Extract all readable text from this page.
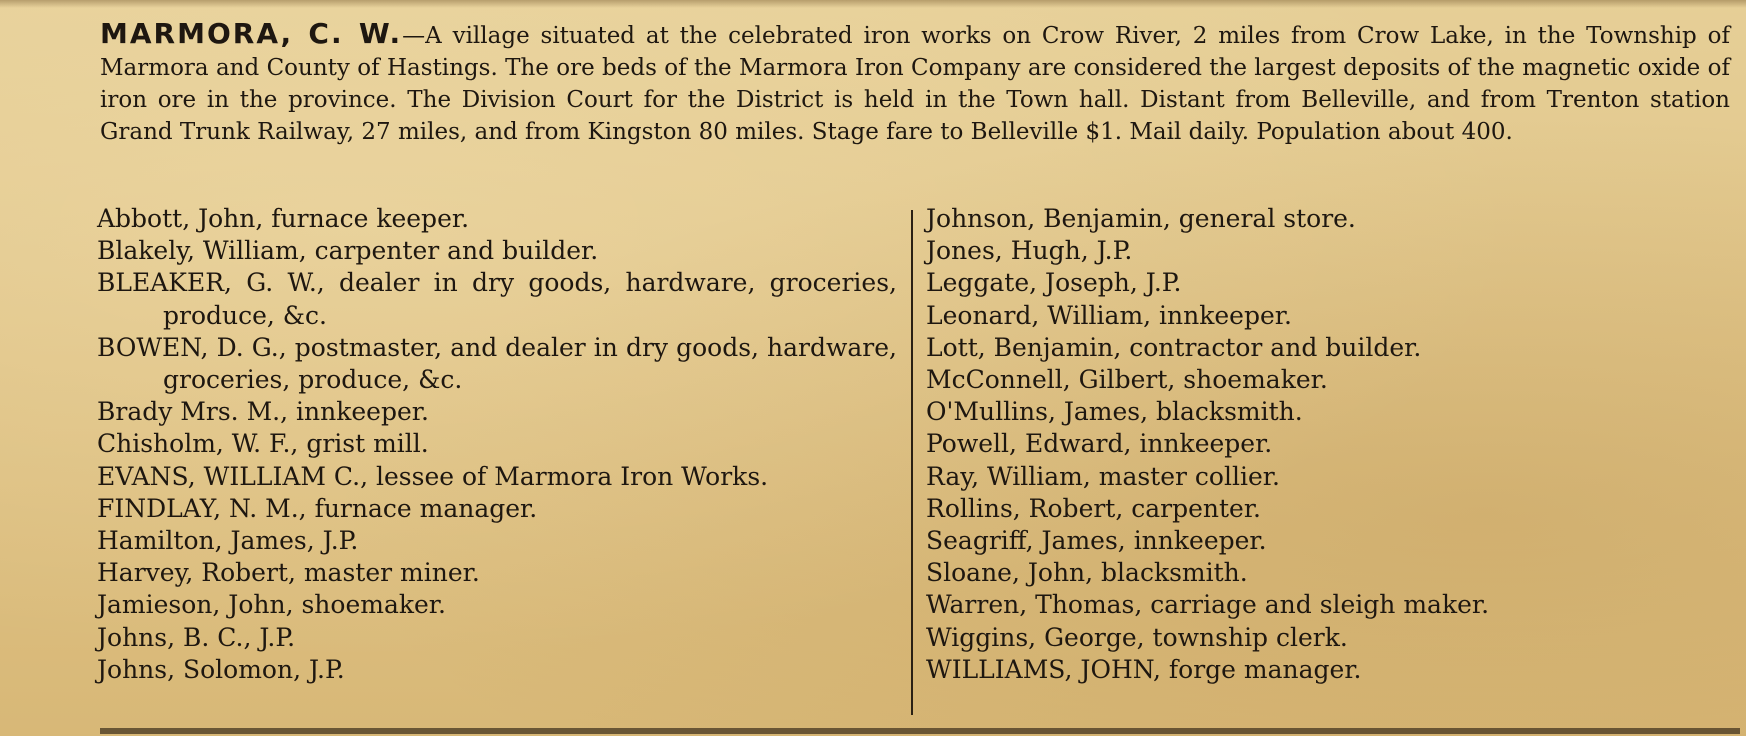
MARMORA, C. W.—A village situated at the celebrated iron works on Crow River, 2 miles from Crow Lake, in the Township of Marmora and County of Hastings. The ore beds of the Marmora Iron Company are considered the largest deposits of the magnetic oxide of iron ore in the province. The Division Court for the District is held in the Town hall. Distant from Belleville, and from Trenton station Grand Trunk Railway, 27 miles, and from Kingston 80 miles. Stage fare to Belleville $1. Mail daily. Population about 400.

Abbott, John, furnace keeper.

Blakely, William, carpenter and builder.

BLEAKER, G. W., dealer in dry goods, hardware, groceries, produce, &c.

BOWEN, D. G., postmaster, and dealer in dry goods, hardware, groceries, produce, &c.

Brady Mrs. M., innkeeper.

Chisholm, W. F., grist mill.

EVANS, WILLIAM C., lessee of Marmora Iron Works.

FINDLAY, N. M., furnace manager.

Hamilton, James, J.P.

Harvey, Robert, master miner.

Jamieson, John, shoemaker.

Johns, B. C., J.P.

Johns, Solomon, J.P.

Johnson, Benjamin, general store.

Jones, Hugh, J.P.

Leggate, Joseph, J.P.

Leonard, William, innkeeper.

Lott, Benjamin, contractor and builder.

McConnell, Gilbert, shoemaker.

O'Mullins, James, blacksmith.

Powell, Edward, innkeeper.

Ray, William, master collier.

Rollins, Robert, carpenter.

Seagriff, James, innkeeper.

Sloane, John, blacksmith.

Warren, Thomas, carriage and sleigh maker.

Wiggins, George, township clerk.

WILLIAMS, JOHN, forge manager.
